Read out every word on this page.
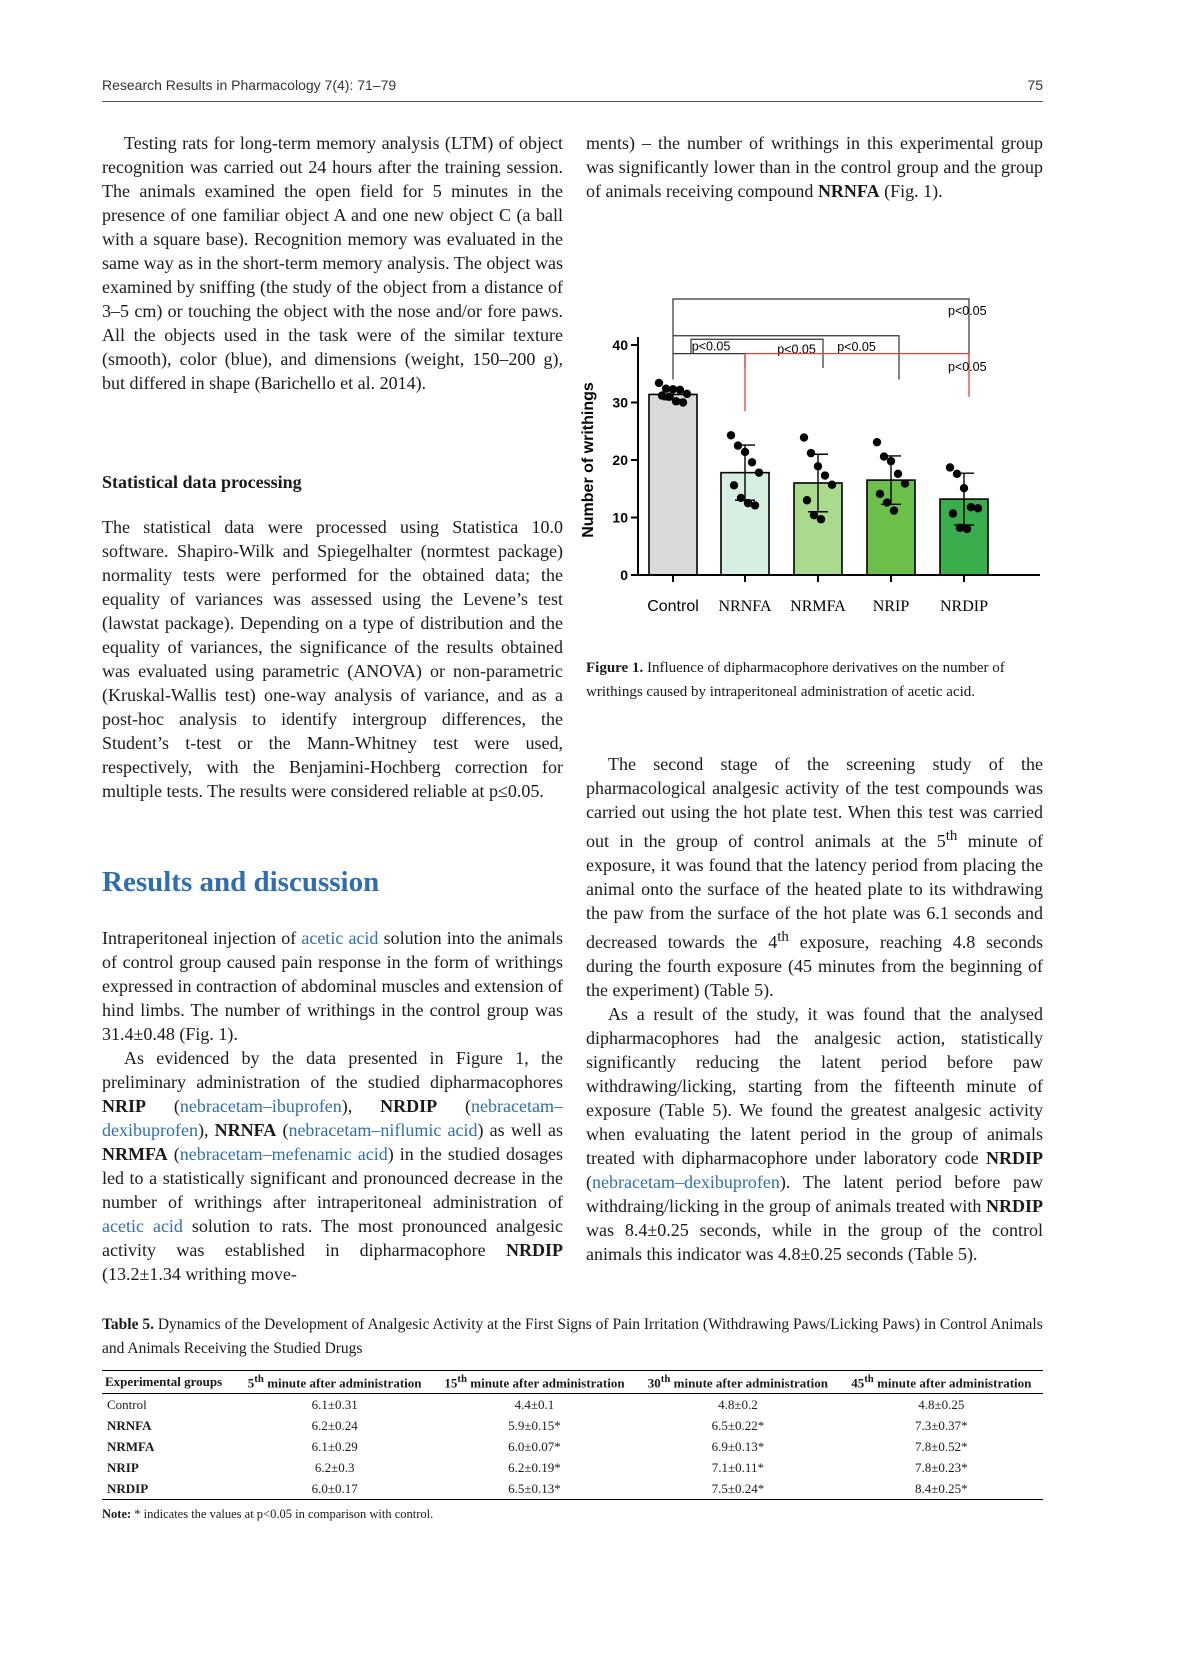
Research Results in Pharmacology 7(4): 71–79	75

Testing rats for long-term memory analysis (LTM) of object recognition was carried out 24 hours after the training session. The animals examined the open field for 5 minutes in the presence of one familiar object A and one new object C (a ball with a square base). Recognition memory was evaluated in the same way as in the short-term memory analysis. The object was examined by sniffing (the study of the object from a distance of 3–5 cm) or touching the object with the nose and/or fore paws. All the objects used in the task were of the similar texture (smooth), color (blue), and dimensions (weight, 150–200 g), but differed in shape (Barichello et al. 2014).

Statistical data processing

The statistical data were processed using Statistica 10.0 software. Shapiro-Wilk and Spiegelhalter (normtest package) normality tests were performed for the obtained data; the equality of variances was assessed using the Levene’s test (lawstat package). Depending on a type of distribution and the equality of variances, the significance of the results obtained was evaluated using parametric (ANOVA) or non-parametric (Kruskal-Wallis test) one-way analysis of variance, and as a post-hoc analysis to identify intergroup differences, the Student’s t-test or the Mann-Whitney test were used, respectively, with the Benjamini-Hochberg correction for multiple tests. The results were considered reliable at p≤0.05.

Results and discussion

Intraperitoneal injection of acetic acid solution into the animals of control group caused pain response in the form of writhings expressed in contraction of abdominal muscles and extension of hind limbs. The number of writhings in the control group was 31.4±0.48 (Fig. 1).

As evidenced by the data presented in Figure 1, the preliminary administration of the studied dipharmacophores NRIP (nebracetam–ibuprofen), NRDIP (nebracetam–dexibuprofen), NRNFA (nebracetam–niflumic acid) as well as NRMFA (nebracetam–mefenamic acid) in the studied dosages led to a statistically significant and pronounced decrease in the number of writhings after intraperitoneal administration of acetic acid solution to rats. The most pronounced analgesic activity was established in dipharmacophore NRDIP (13.2±1.34 writhing move-

ments) – the number of writhings in this experimental group was significantly lower than in the control group and the group of animals receiving compound NRNFA (Fig. 1).

0
10
20
30
40
Control NRNFA NRMFA NRIP NRDIP
Number of writhings
p<0.05	p<0.05 p<0.05
p<0.05
p<0.05
Figure 1. Influence of dipharmacophore derivatives on the number of writhings caused by intraperitoneal administration of acetic acid.

The second stage of the screening study of the pharmacological analgesic activity of the test compounds was carried out using the hot plate test. When this test was carried out in the group of control animals at the 5th minute of exposure, it was found that the latency period from placing the animal onto the surface of the heated plate to its withdrawing the paw from the surface of the hot plate was 6.1 seconds and decreased towards the 4th exposure, reaching 4.8 seconds during the fourth exposure (45 minutes from the beginning of the experiment) (Table 5).

As a result of the study, it was found that the analysed dipharmacophores had the analgesic action, statistically significantly reducing the latent period before paw withdrawing/licking, starting from the fifteenth minute of exposure (Table 5). We found the greatest analgesic activity when evaluating the latent period in the group of animals treated with dipharmacophore under laboratory code NRDIP (nebracetam–dexibuprofen). The latent period before paw withdraing/licking in the group of animals treated with NRDIP was 8.4±0.25 seconds, while in the group of the control animals this indicator was 4.8±0.25 seconds (Table 5).

Table 5. Dynamics of the Development of Analgesic Activity at the First Signs of Pain Irritation (Withdrawing Paws/Licking Paws) in Control Animals and Animals Receiving the Studied Drugs
Experimental groups	5th minute after administration	15th minute after administration	30th minute after administration	45th minute after administration
Control	6.1±0.31	4.4±0.1	4.8±0.2	4.8±0.25
NRNFA	6.2±0.24	5.9±0.15*	6.5±0.22*	7.3±0.37*
NRMFA	6.1±0.29	6.0±0.07*	6.9±0.13*	7.8±0.52*
NRIP	6.2±0.3	6.2±0.19*	7.1±0.11*	7.8±0.23*
NRDIP	6.0±0.17	6.5±0.13*	7.5±0.24*	8.4±0.25*
Note: * indicates the values at p<0.05 in comparison with control.
